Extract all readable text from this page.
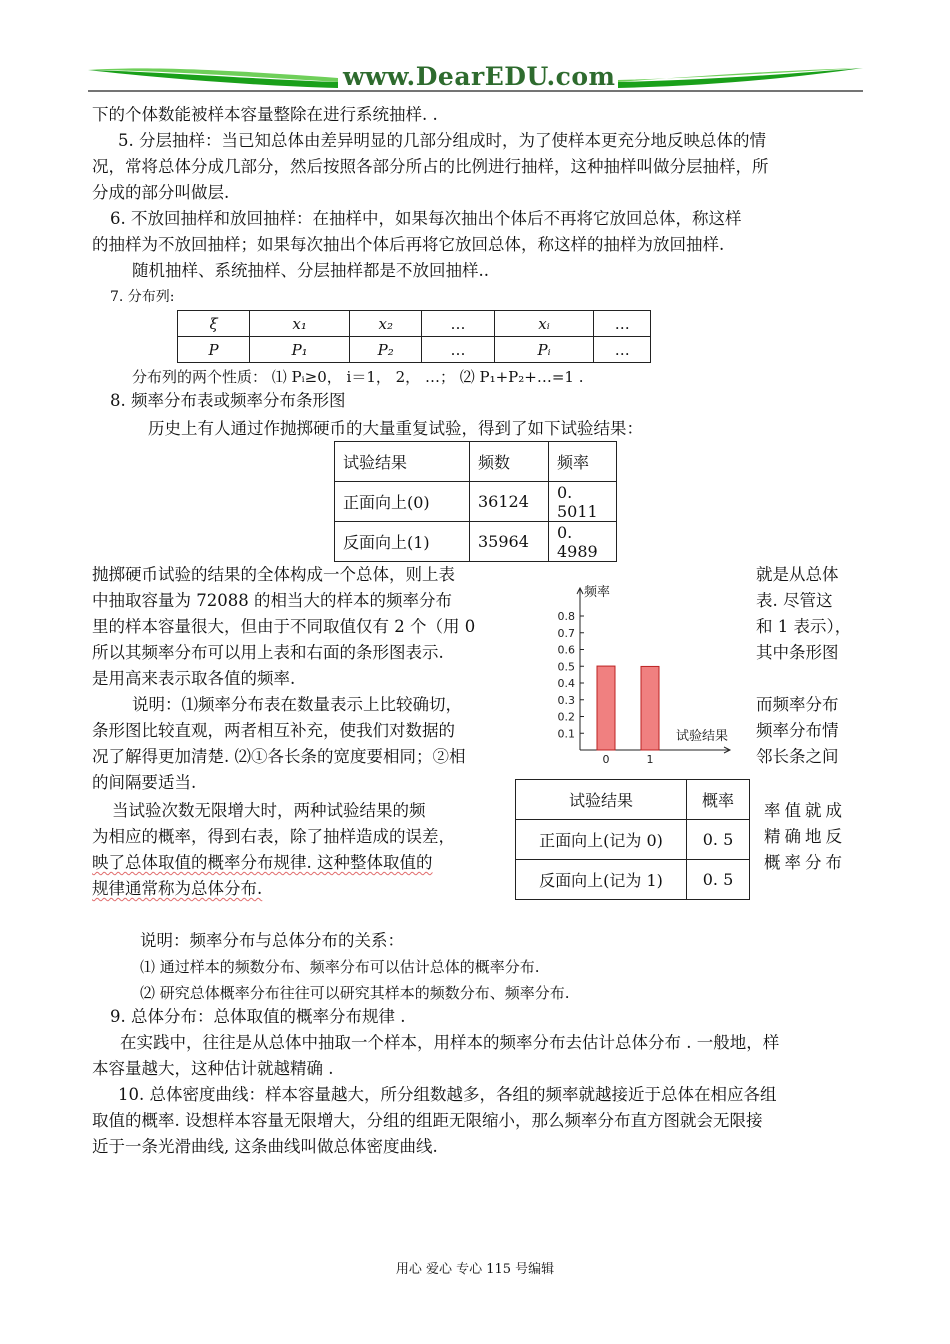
www.DearEDU.com
下的个体数能被样本容量整除在进行系统抽样. .
5. 分层抽样：当已知总体由差异明显的几部分组成时，为了使样本更充分地反映总体的情
况，常将总体分成几部分，然后按照各部分所占的比例进行抽样，这种抽样叫做分层抽样，所
分成的部分叫做层.
6. 不放回抽样和放回抽样：在抽样中，如果每次抽出个体后不再将它放回总体，称这样
的抽样为不放回抽样；如果每次抽出个体后再将它放回总体，称这样的抽样为放回抽样.
随机抽样、系统抽样、分层抽样都是不放回抽样..
7. 分布列:
ξ	x₁	x₂	…	xᵢ	…
P	P₁	P₂	…	Pᵢ	…
分布列的两个性质： ⑴ Pᵢ≥0， i＝1， 2， …； ⑵ P₁+P₂+…=1 .
8. 频率分布表或频率分布条形图
历史上有人通过作抛掷硬币的大量重复试验，得到了如下试验结果：
试验结果	频数	频率
正面向上(0)	36124	0. 5011
反面向上(1)	35964	0. 4989
抛掷硬币试验的结果的全体构成一个总体，则上表
中抽取容量为 72088 的相当大的样本的频率分布
里的样本容量很大，但由于不同取值仅有 2 个（用 0
所以其频率分布可以用上表和右面的条形图表示.
是用高来表示取各值的频率.
就是从总体
表. 尽管这
和 1 表示），
其中条形图
说明：⑴频率分布表在数量表示上比较确切，
条形图比较直观，两者相互补充，使我们对数据的
况了解得更加清楚. ⑵①各长条的宽度要相同；②相
的间隔要适当.
而频率分布
频率分布情
邻长条之间
0.1
0.2
0.3
0.4
0.5
0.6
0.7
0.8
频率
试验结果
0	1
当试验次数无限增大时，两种试验结果的频
为相应的概率，得到右表，除了抽样造成的误差，
映了总体取值的概率分布规律. 这种整体取值的
规律通常称为总体分布.
率值就成
精确地反
概率分布
试验结果	概率
正面向上(记为 0)	0. 5
反面向上(记为 1)	0. 5
说明：频率分布与总体分布的关系：
⑴ 通过样本的频数分布、频率分布可以估计总体的概率分布.
⑵ 研究总体概率分布往往可以研究其样本的频数分布、频率分布.
9. 总体分布：总体取值的概率分布规律 .
在实践中，往往是从总体中抽取一个样本，用样本的频率分布去估计总体分布 . 一般地，样
本容量越大，这种估计就越精确 .
10. 总体密度曲线：样本容量越大，所分组数越多，各组的频率就越接近于总体在相应各组
取值的概率. 设想样本容量无限增大，分组的组距无限缩小，那么频率分布直方图就会无限接
近于一条光滑曲线, 这条曲线叫做总体密度曲线.
用心 爱心 专心 115 号编辑
